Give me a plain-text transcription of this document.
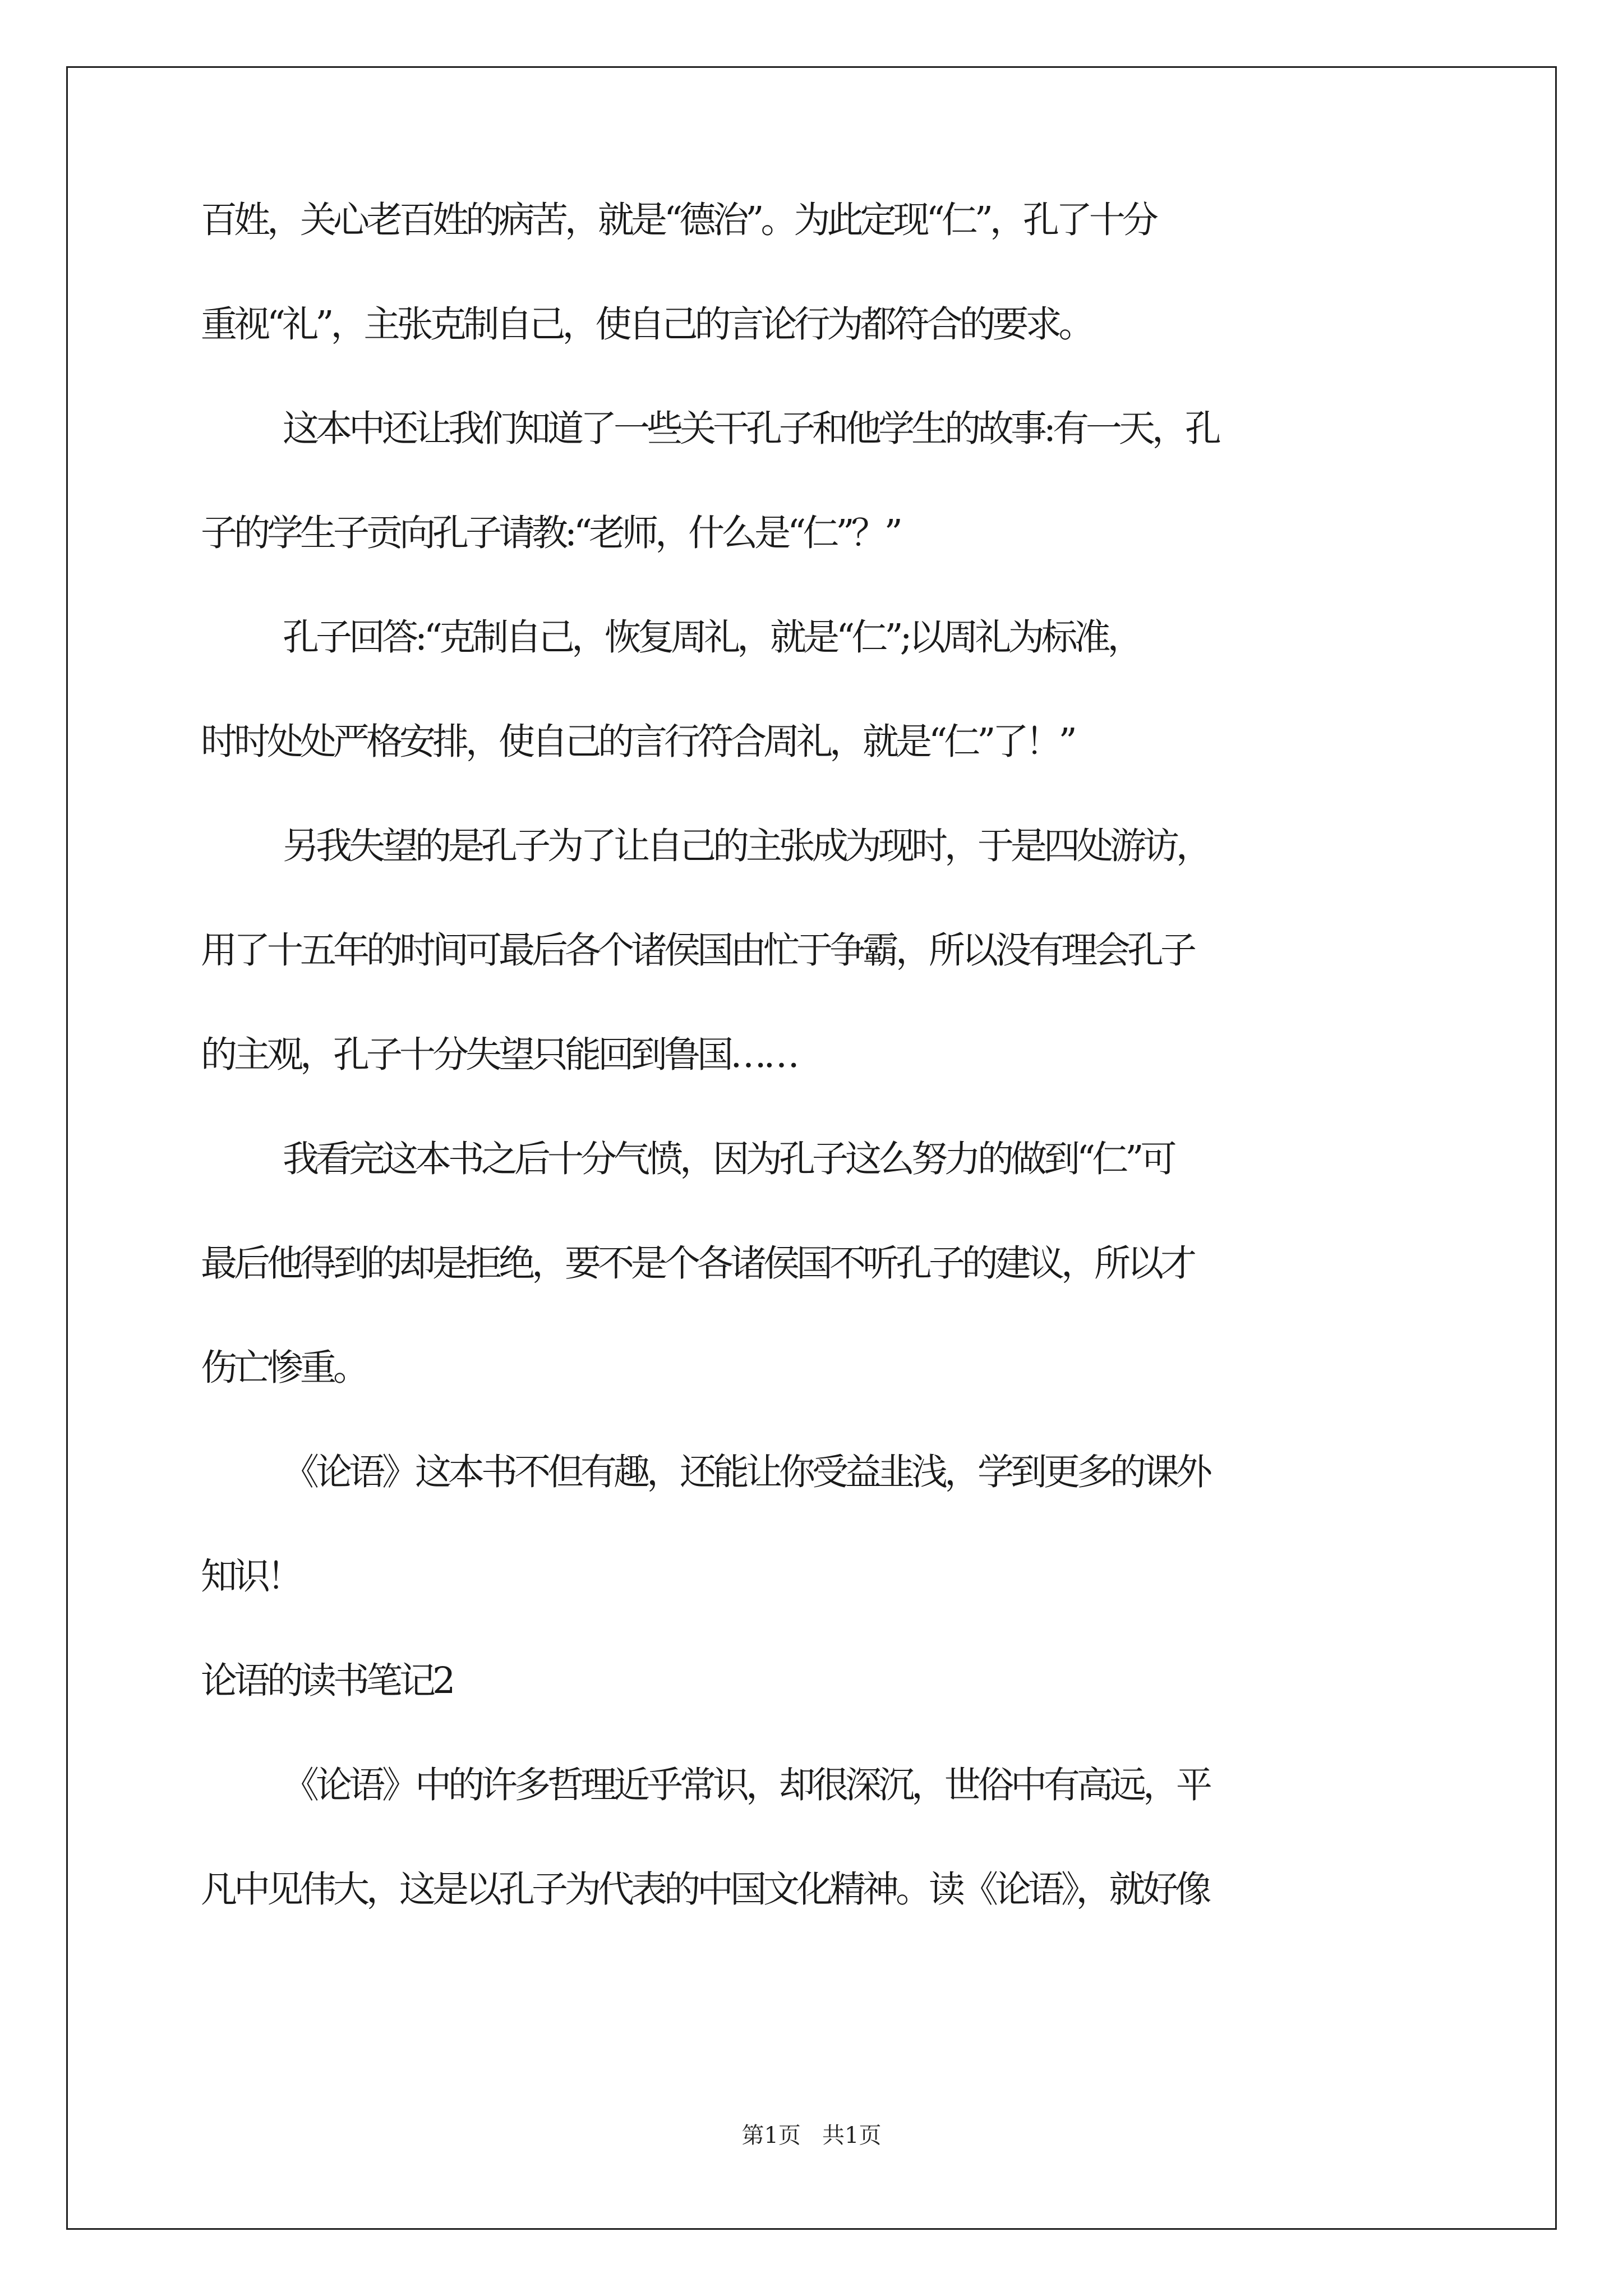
百姓，关心老百姓的病苦，就是“德治”。为此定现“仁”，孔了十分
重视“礼”，主张克制自己，使自己的言论行为都符合的要求。
这本中还让我们知道了一些关干孔子和他学生的故事:有一天，孔
子的学生子贡向孔子请教:“老师，什么是“仁”？”
孔子回答:“克制自己，恢复周礼，就是“仁”;以周礼为标准，
时时处处严格安排，使自己的言行符合周礼，就是“仁”了！”
另我失望的是孔子为了让自己的主张成为现时，于是四处游访，
用了十五年的时间可最后各个诸侯国由忙于争霸，所以没有理会孔子
的主观，孔子十分失望只能回到鲁国……
我看完这本书之后十分气愤，因为孔子这么努力的做到“仁”可
最后他得到的却是拒绝，要不是个各诸侯国不听孔子的建议，所以才
伤亡惨重。
《论语》这本书不但有趣，还能让你受益韭浅，学到更多的课外
知识！
论语的读书笔记2
《论语》中的许多哲理近乎常识，却很深沉，世俗中有高远，平
凡中见伟大，这是以孔子为代表的中国文化精神。读《论语》，就好像
第1页   共1页
